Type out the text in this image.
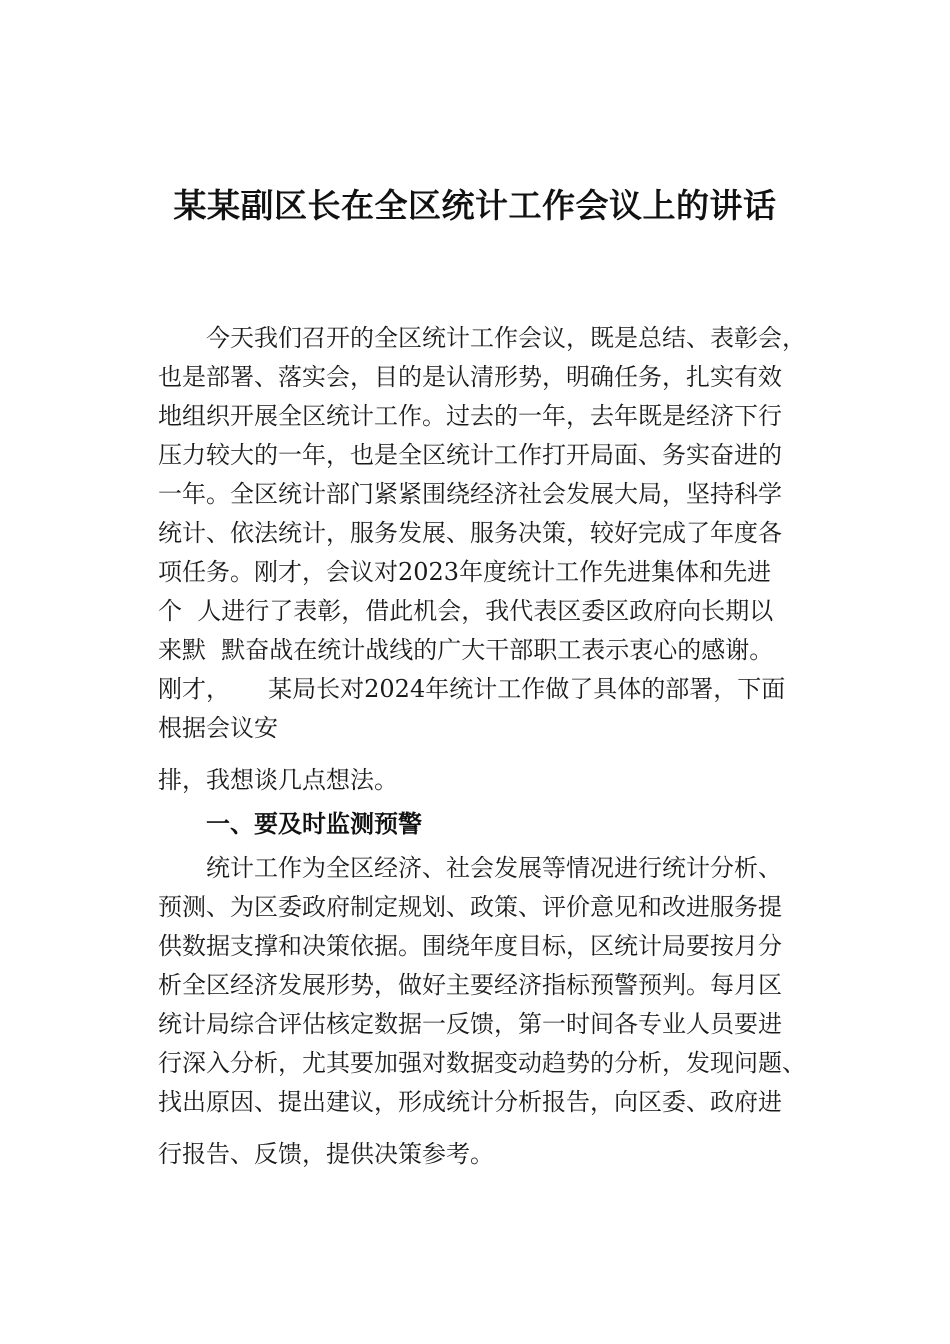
某某副区长在全区统计工作会议上的讲话
今天我们召开的全区统计工作会议，既是总结、表彰会，
也是部署、落实会，目的是认清形势，明确任务，扎实有效
地组织开展全区统计工作。过去的一年，去年既是经济下行
压力较大的一年，也是全区统计工作打开局面、务实奋进的
一年。全区统计部门紧紧围绕经济社会发展大局，坚持科学
统计、依法统计，服务发展、服务决策，较好完成了年度各
项任务。刚才，会议对2023年度统计工作先进集体和先进
个  人进行了表彰，借此机会，我代表区委区政府向长期以
来默  默奋战在统计战线的广大干部职工表示衷心的感谢。
刚才，     某局长对2024年统计工作做了具体的部署，下面
根据会议安
排，我想谈几点想法。
一、要及时监测预警
统计工作为全区经济、社会发展等情况进行统计分析、
预测、为区委政府制定规划、政策、评价意见和改进服务提
供数据支撑和决策依据。围绕年度目标，区统计局要按月分
析全区经济发展形势，做好主要经济指标预警预判。每月区
统计局综合评估核定数据一反馈，第一时间各专业人员要进
行深入分析，尤其要加强对数据变动趋势的分析，发现问题、
找出原因、提出建议，形成统计分析报告，向区委、政府进
行报告、反馈，提供决策参考。
